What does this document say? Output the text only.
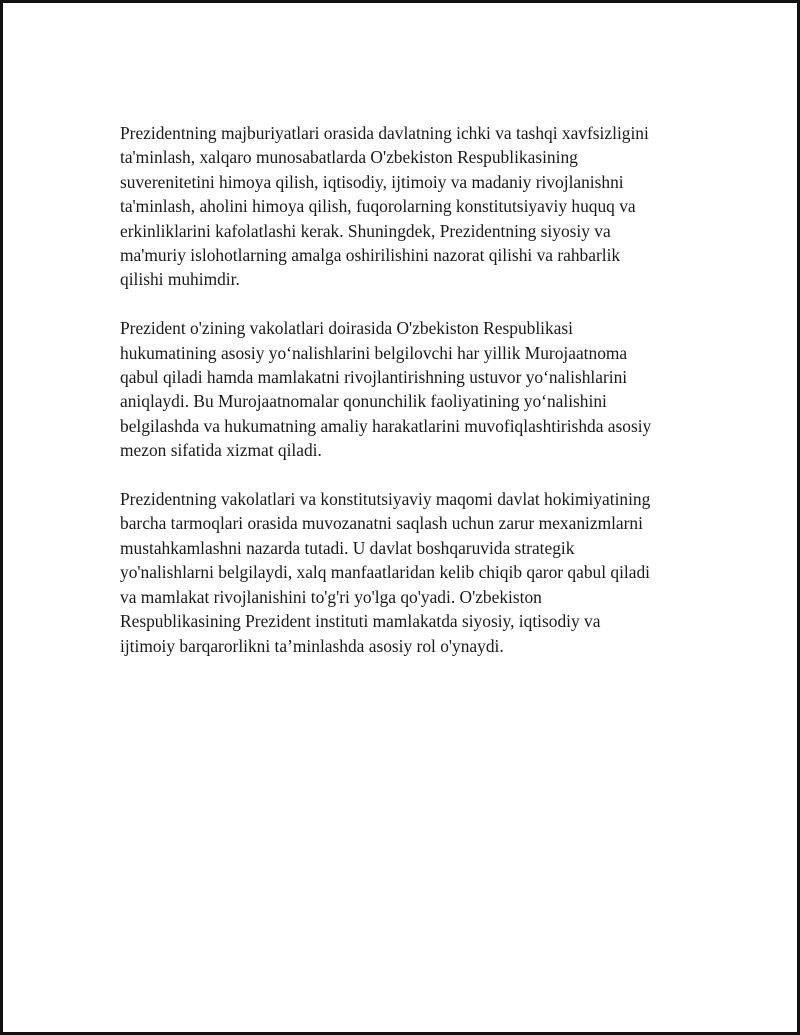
Prezidentning majburiyatlari orasida davlatning ichki va tashqi xavfsizligini
ta'minlash, xalqaro munosabatlarda O'zbekiston Respublikasining
suverenitetini himoya qilish, iqtisodiy, ijtimoiy va madaniy rivojlanishni
ta'minlash, aholini himoya qilish, fuqorolarning konstitutsiyaviy huquq va
erkinliklarini kafolatlashi kerak. Shuningdek, Prezidentning siyosiy va
ma'muriy islohotlarning amalga oshirilishini nazorat qilishi va rahbarlik
qilishi muhimdir.

Prezident o'zining vakolatlari doirasida O'zbekiston Respublikasi
hukumatining asosiy yo‘nalishlarini belgilovchi har yillik Murojaatnoma
qabul qiladi hamda mamlakatni rivojlantirishning ustuvor yo‘nalishlarini
aniqlaydi. Bu Murojaatnomalar qonunchilik faoliyatining yo‘nalishini
belgilashda va hukumatning amaliy harakatlarini muvofiqlashtirishda asosiy
mezon sifatida xizmat qiladi.

Prezidentning vakolatlari va konstitutsiyaviy maqomi davlat hokimiyatining
barcha tarmoqlari orasida muvozanatni saqlash uchun zarur mexanizmlarni
mustahkamlashni nazarda tutadi. U davlat boshqaruvida strategik
yo'nalishlarni belgilaydi, xalq manfaatlaridan kelib chiqib qaror qabul qiladi
va mamlakat rivojlanishini to'g'ri yo'lga qo'yadi. O'zbekiston
Respublikasining Prezident instituti mamlakatda siyosiy, iqtisodiy va
ijtimoiy barqarorlikni ta’minlashda asosiy rol o'ynaydi.
